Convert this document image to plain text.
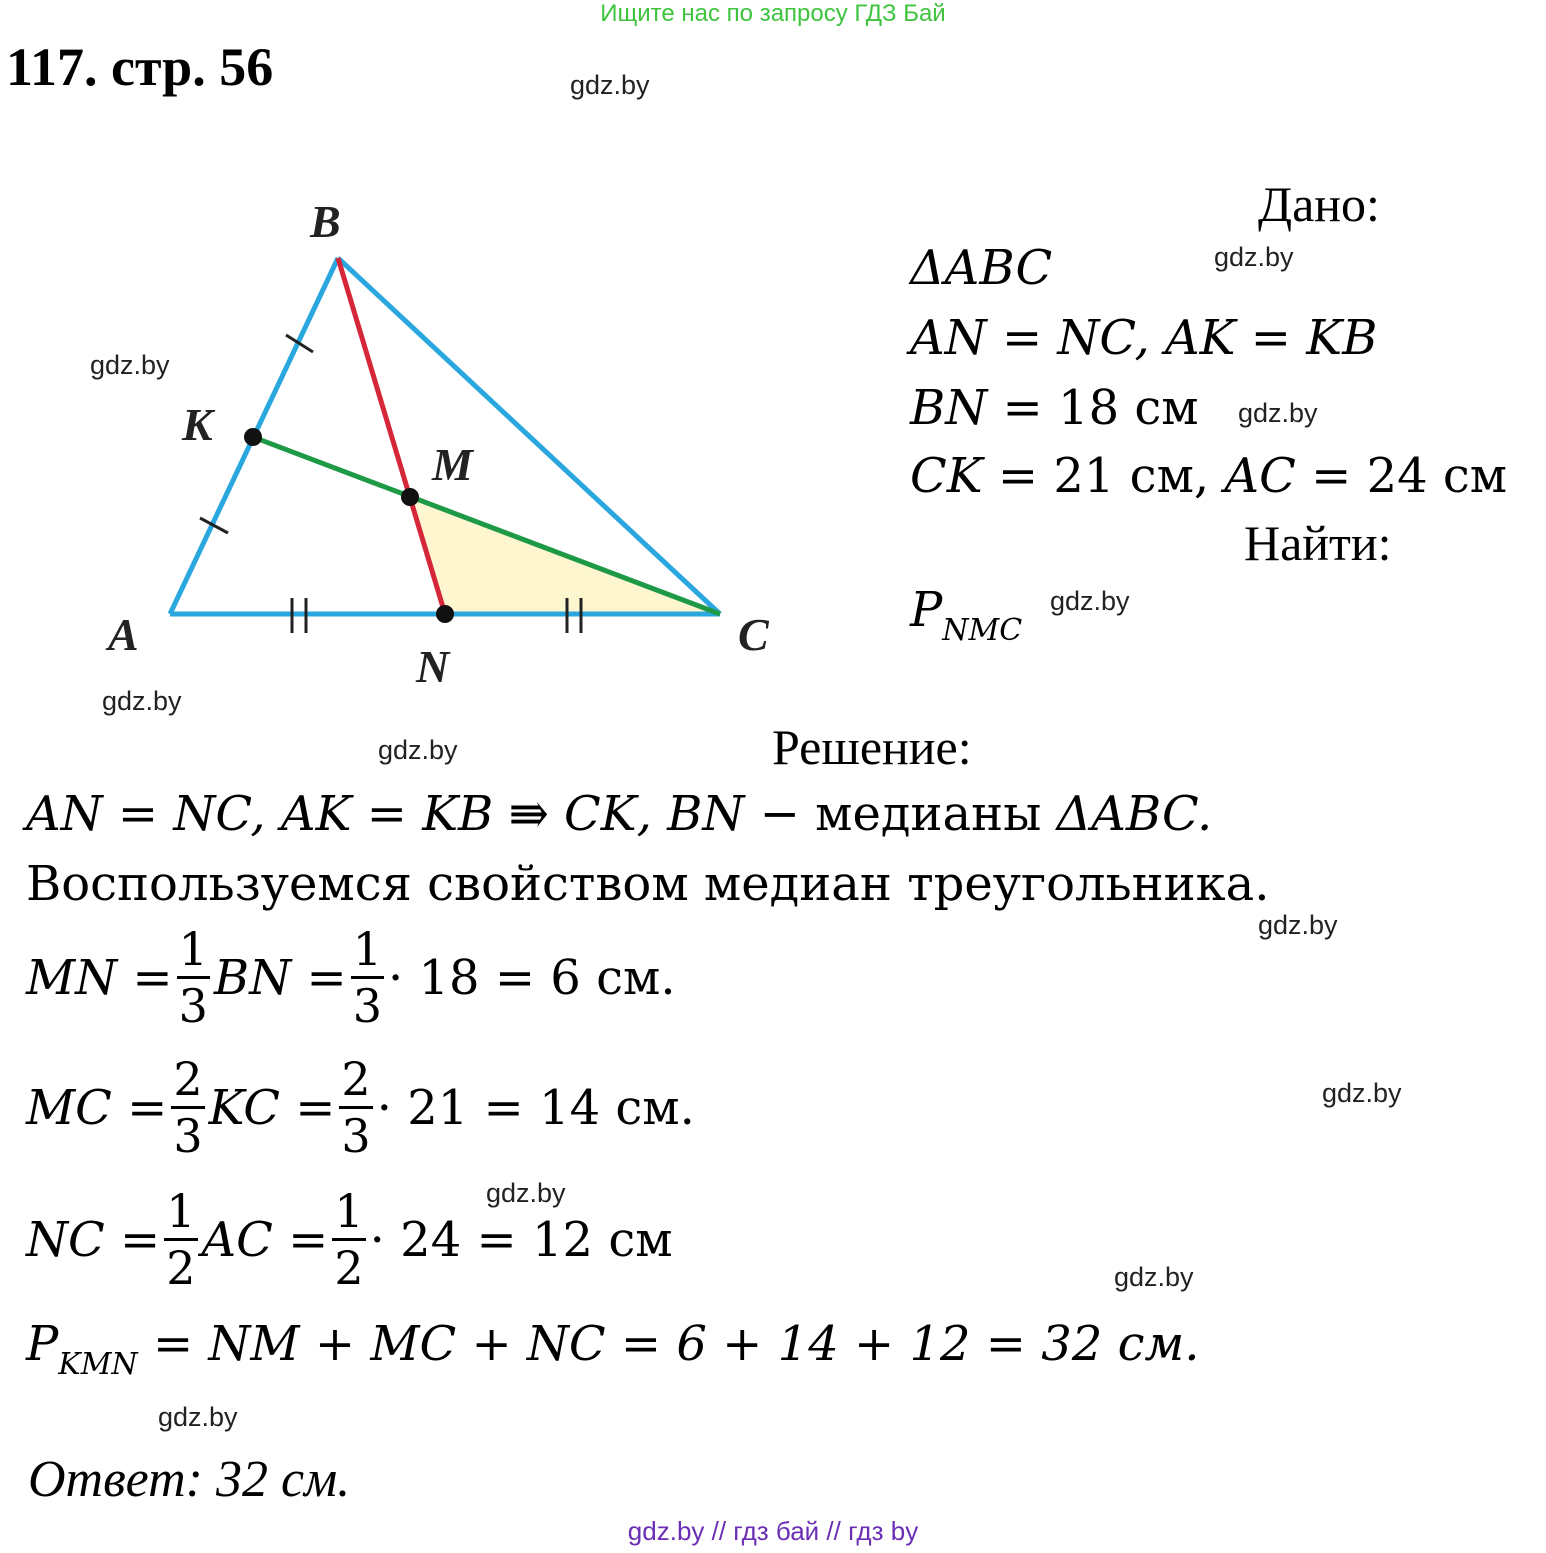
Ищите нас по запросу ГДЗ Бай
117. стр. 56	gdz.by
gdz.by
gdz.by
gdz.by
gdz.by
gdz.by
gdz.by
gdz.by
gdz.by
gdz.by
gdz.by
gdz.by
A
B
C
K
M
N
Дано:
ΔABC
AN = NC, AK = KB
BN = 18 см
CK = 21 см, AC = 24 см
Найти:
$P_{NMC}$
Решение:
AN = NC, AK = KB ⇛ CK, BN − медианы ΔABC.
Воспользуемся свойством медиан треугольника.
MN
= $\frac{1}{3}$ BN
= $\frac{1}{3} \cdot 18 = 6$ см.
MC
= $\frac{2}{3}$ KC
= $\frac{2}{3} \cdot 21 = 14$ см.
NC
= $\frac{1}{2}$ AC
= $\frac{1}{2} \cdot 24 = 12$ см
$P_{KMN}$ = NM + MC + NC = 6 + 14 + 12 = 32 см.
Ответ: 32 см.
gdz.by // гдз бай // гдз by
